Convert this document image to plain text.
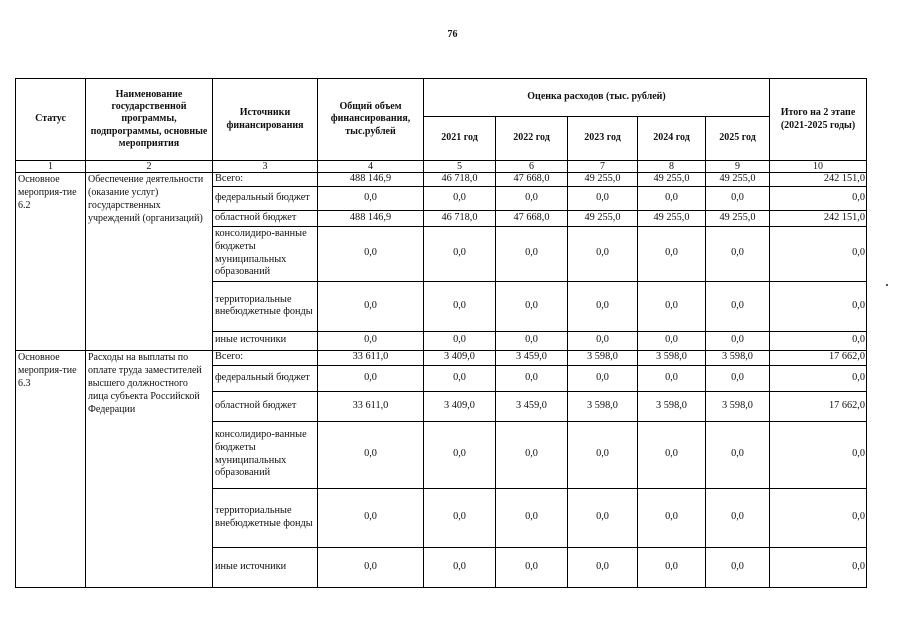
76
Статус	Наименование государственной программы, подпрограммы, основные мероприятия	Источники финансирования	Общий объем финансирования, тыс.рублей	Оценка расходов (тыс. рублей)					Итого на 2 этапе (2021-2025 годы)
				2021 год	2022 год	2023 год	2024 год	2025 год	
1	2	3	4	5	6	7	8	9	10
Основное мероприя-тие 6.2	Обеспечение деятельности (оказание услуг) государственных учреждений (организаций)	Всего:	488 146,9	46 718,0	47 668,0	49 255,0	49 255,0	49 255,0	242 151,0
		федеральный бюджет	0,0	0,0	0,0	0,0	0,0	0,0	0,0
		областной бюджет	488 146,9	46 718,0	47 668,0	49 255,0	49 255,0	49 255,0	242 151,0
		консолидиро-ванные бюджеты муниципальных образований	0,0	0,0	0,0	0,0	0,0	0,0	0,0
		территориальные внебюджетные фонды	0,0	0,0	0,0	0,0	0,0	0,0	0,0
		иные источники	0,0	0,0	0,0	0,0	0,0	0,0	0,0
Основное мероприя-тие 6.3	Расходы на выплаты по оплате труда заместителей высшего должностного лица субъекта Российской Федерации	Всего:	33 611,0	3 409,0	3 459,0	3 598,0	3 598,0	3 598,0	17 662,0
		федеральный бюджет	0,0	0,0	0,0	0,0	0,0	0,0	0,0
		областной бюджет	33 611,0	3 409,0	3 459,0	3 598,0	3 598,0	3 598,0	17 662,0
		консолидиро-ванные бюджеты муниципальных образований	0,0	0,0	0,0	0,0	0,0	0,0	0,0
		территориальные внебюджетные фонды	0,0	0,0	0,0	0,0	0,0	0,0	0,0
		иные источники	0,0	0,0	0,0	0,0	0,0	0,0	0,0
